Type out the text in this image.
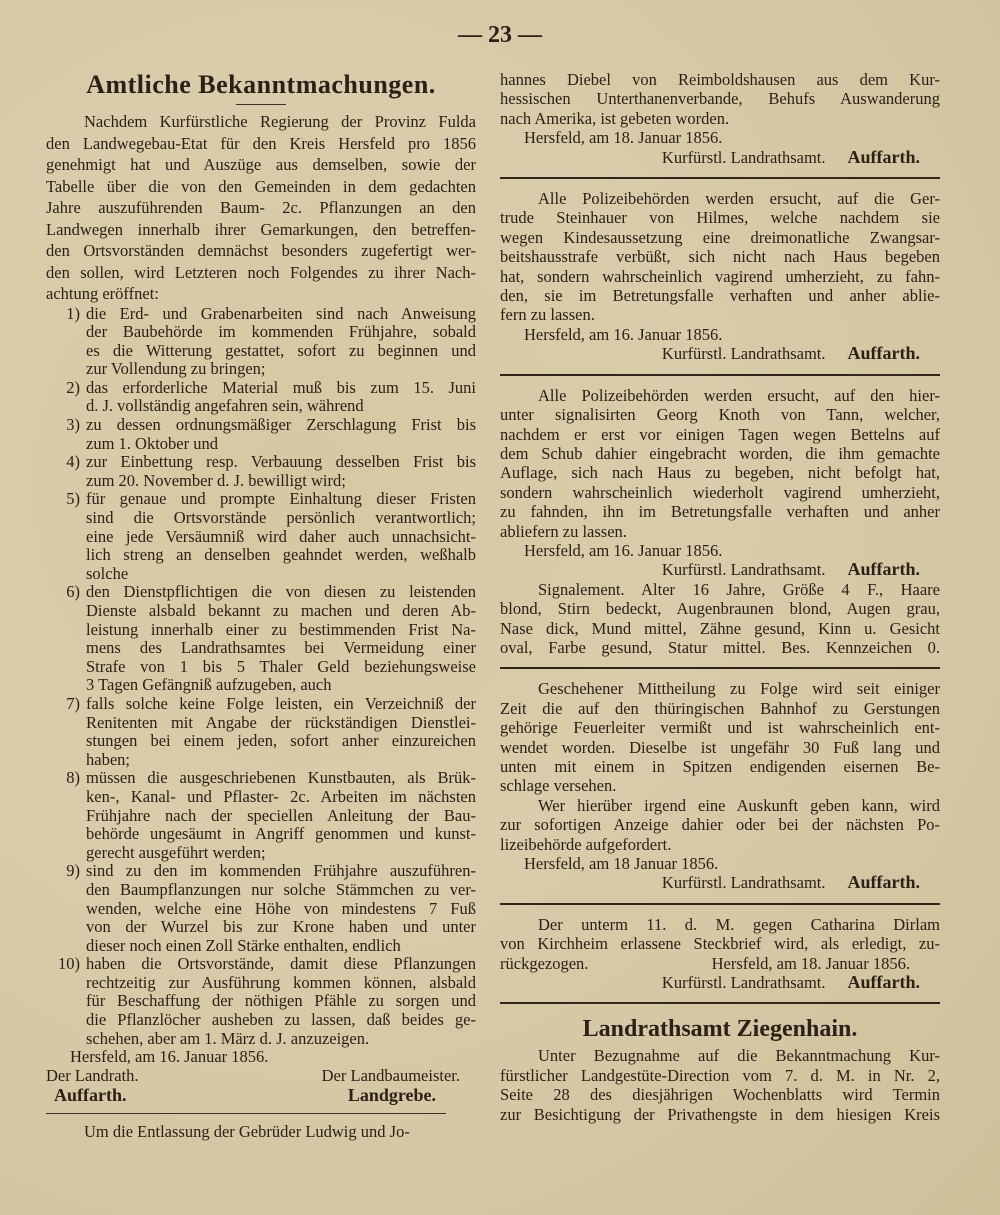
— 23 —
Amtliche Bekanntmachungen.
Nachdem Kurfürstliche Regierung der Provinz Fulda
den Landwegebau-Etat für den Kreis Hersfeld pro 1856
genehmigt hat und Auszüge aus demselben, sowie der
Tabelle über die von den Gemeinden in dem gedachten
Jahre auszuführenden Baum- 2c. Pflanzungen an den
Landwegen innerhalb ihrer Gemarkungen, den betreffen-
den Ortsvorständen demnächst besonders zugefertigt wer-
den sollen, wird Letzteren noch Folgendes zu ihrer Nach-
achtung eröffnet:
1) die Erd- und Grabenarbeiten sind nach Anweisung
der Baubehörde im kommenden Frühjahre, sobald
es die Witterung gestattet, sofort zu beginnen und
zur Vollendung zu bringen;
2) das erforderliche Material muß bis zum 15. Juni
d. J. vollständig angefahren sein, während
3) zu dessen ordnungsmäßiger Zerschlagung Frist bis
zum 1. Oktober und
4) zur Einbettung resp. Verbauung desselben Frist bis
zum 20. November d. J. bewilligt wird;
5) für genaue und prompte Einhaltung dieser Fristen
sind die Ortsvorstände persönlich verantwortlich;
eine jede Versäumniß wird daher auch unnachsicht-
lich streng an denselben geahndet werden, weßhalb
solche
6) den Dienstpflichtigen die von diesen zu leistenden
Dienste alsbald bekannt zu machen und deren Ab-
leistung innerhalb einer zu bestimmenden Frist Na-
mens des Landrathsamtes bei Vermeidung einer
Strafe von 1 bis 5 Thaler Geld beziehungsweise
3 Tagen Gefängniß aufzugeben, auch
7) falls solche keine Folge leisten, ein Verzeichniß der
Renitenten mit Angabe der rückständigen Dienstlei-
stungen bei einem jeden, sofort anher einzureichen
haben;
8) müssen die ausgeschriebenen Kunstbauten, als Brük-
ken-, Kanal- und Pflaster- 2c. Arbeiten im nächsten
Frühjahre nach der speciellen Anleitung der Bau-
behörde ungesäumt in Angriff genommen und kunst-
gerecht ausgeführt werden;
9) sind zu den im kommenden Frühjahre auszuführen-
den Baumpflanzungen nur solche Stämmchen zu ver-
wenden, welche eine Höhe von mindestens 7 Fuß
von der Wurzel bis zur Krone haben und unter
dieser noch einen Zoll Stärke enthalten, endlich
10) haben die Ortsvorstände, damit diese Pflanzungen
rechtzeitig zur Ausführung kommen können, alsbald
für Beschaffung der nöthigen Pfähle zu sorgen und
die Pflanzlöcher ausheben zu lassen, daß beides ge-
schehen, aber am 1. März d. J. anzuzeigen.
Hersfeld, am 16. Januar 1856.
Der Landrath.	Der Landbaumeister.
Auffarth.	Landgrebe.
Um die Entlassung der Gebrüder Ludwig und Jo-
hannes Diebel von Reimboldshausen aus dem Kur-
hessischen Unterthanenverbande, Behufs Auswanderung
nach Amerika, ist gebeten worden.
Hersfeld, am 18. Januar 1856.
Kurfürstl. Landrathsamt. Auffarth.
Alle Polizeibehörden werden ersucht, auf die Ger-
trude Steinhauer von Hilmes, welche nachdem sie
wegen Kindesaussetzung eine dreimonatliche Zwangsar-
beitshausstrafe verbüßt, sich nicht nach Haus begeben
hat, sondern wahrscheinlich vagirend umherzieht, zu fahn-
den, sie im Betretungsfalle verhaften und anher ablie-
fern zu lassen.
Hersfeld, am 16. Januar 1856.
Kurfürstl. Landrathsamt. Auffarth.
Alle Polizeibehörden werden ersucht, auf den hier-
unter signalisirten Georg Knoth von Tann, welcher,
nachdem er erst vor einigen Tagen wegen Bettelns auf
dem Schub dahier eingebracht worden, die ihm gemachte
Auflage, sich nach Haus zu begeben, nicht befolgt hat,
sondern wahrscheinlich wiederholt vagirend umherzieht,
zu fahnden, ihn im Betretungsfalle verhaften und anher
abliefern zu lassen.
Hersfeld, am 16. Januar 1856.
Kurfürstl. Landrathsamt. Auffarth.
Signalement. Alter 16 Jahre, Größe 4 F., Haare
blond, Stirn bedeckt, Augenbraunen blond, Augen grau,
Nase dick, Mund mittel, Zähne gesund, Kinn u. Gesicht
oval, Farbe gesund, Statur mittel. Bes. Kennzeichen 0.
Geschehener Mittheilung zu Folge wird seit einiger
Zeit die auf den thüringischen Bahnhof zu Gerstungen
gehörige Feuerleiter vermißt und ist wahrscheinlich ent-
wendet worden. Dieselbe ist ungefähr 30 Fuß lang und
unten mit einem in Spitzen endigenden eisernen Be-
schlage versehen.
Wer hierüber irgend eine Auskunft geben kann, wird
zur sofortigen Anzeige dahier oder bei der nächsten Po-
lizeibehörde aufgefordert.
Hersfeld, am 18 Januar 1856.
Kurfürstl. Landrathsamt. Auffarth.
Der unterm 11. d. M. gegen Catharina Dirlam
von Kirchheim erlassene Steckbrief wird, als erledigt, zu-
rückgezogen.	Hersfeld, am 18. Januar 1856.
Kurfürstl. Landrathsamt. Auffarth.
Landrathsamt Ziegenhain.
Unter Bezugnahme auf die Bekanntmachung Kur-
fürstlicher Landgestüte-Direction vom 7. d. M. in Nr. 2,
Seite 28 des diesjährigen Wochenblatts wird Termin
zur Besichtigung der Privathengste in dem hiesigen Kreis
